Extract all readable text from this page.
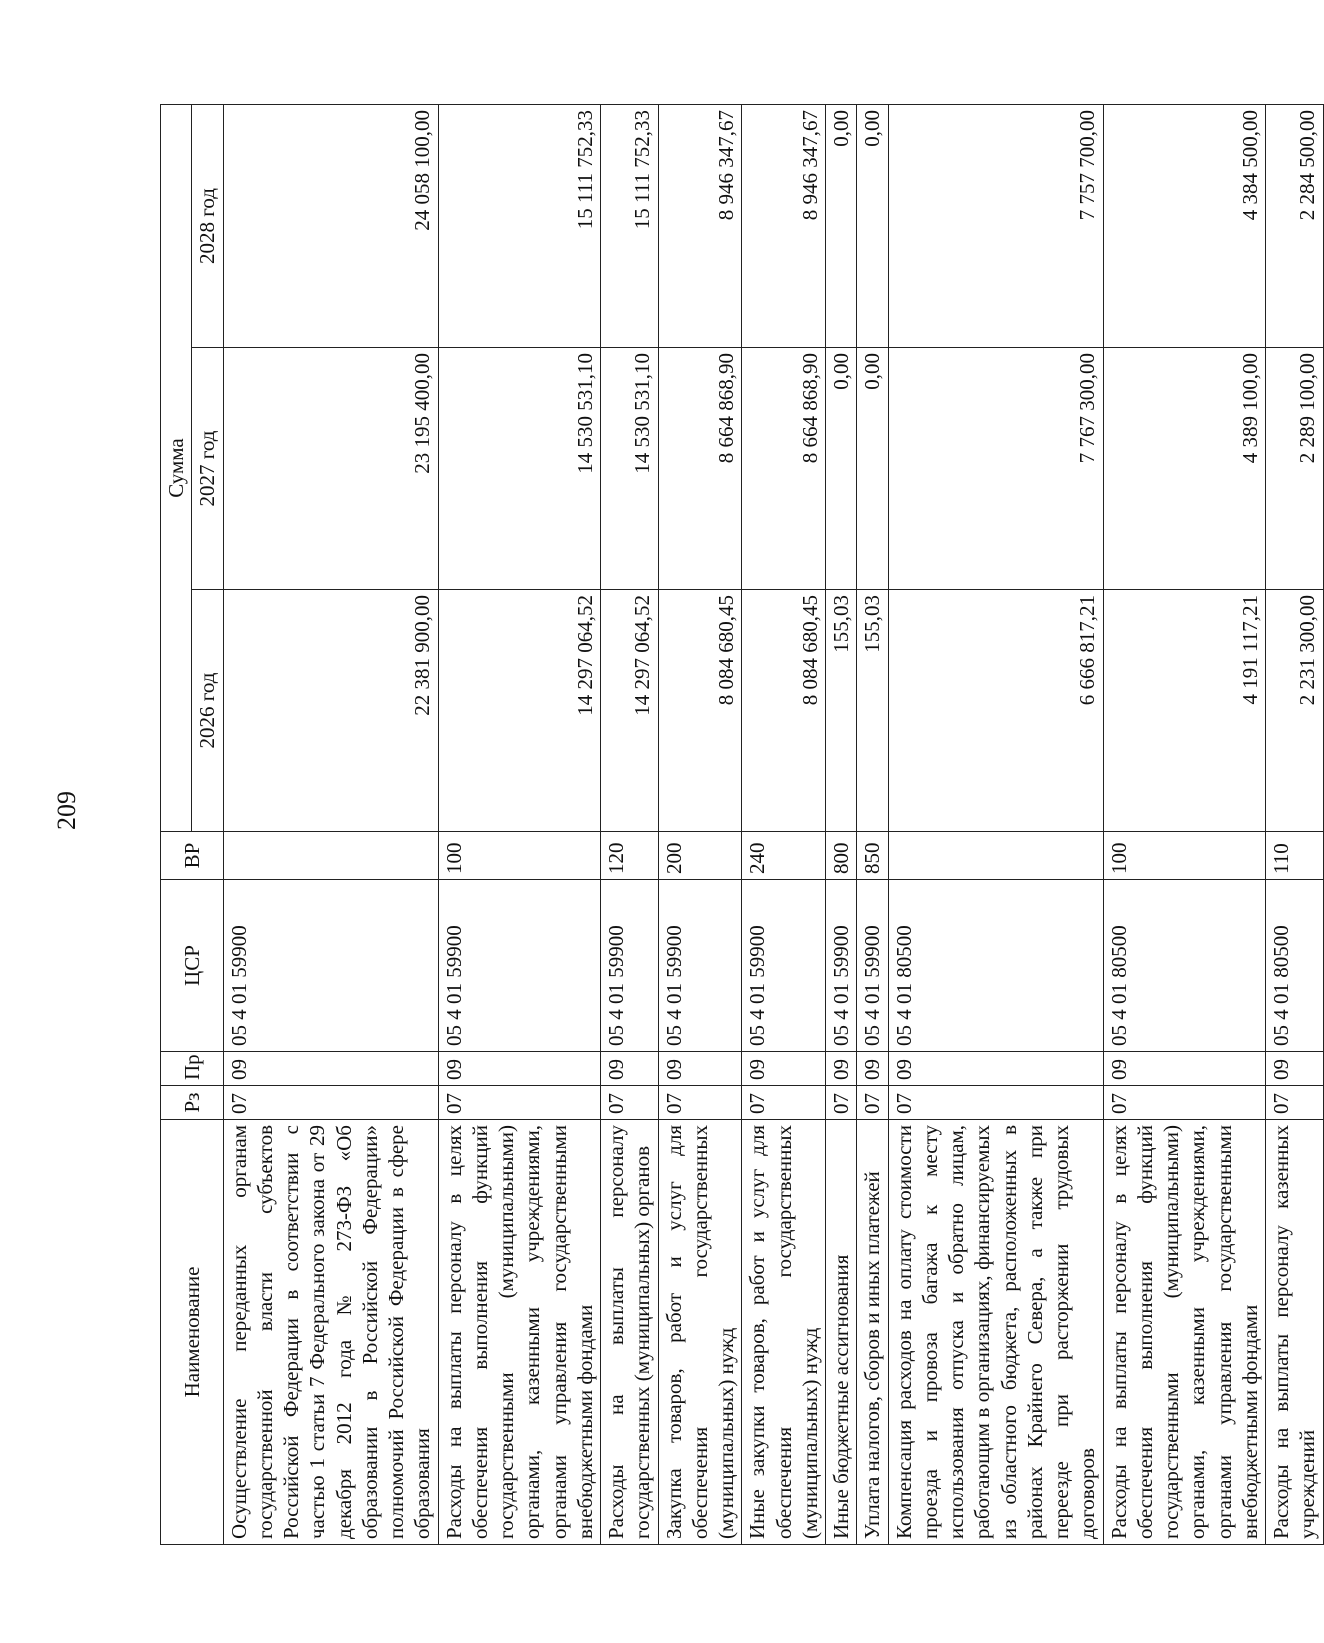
209
Наименование	Рз	Пр	ЦСР	ВР	Сумма		
					2026 год	2027 год	2028 год
Осуществление переданных органам государственной власти субъектов Российской Федерации в соответствии с частью 1 статьи 7 Федерального закона от 29 декабря 2012 года № 273-ФЗ «Об образовании в Российской Федерации» полномочий Российской Федерации в сфере образования	07	09	05 4 01 59900		22 381 900,00	23 195 400,00	24 058 100,00
Расходы на выплаты персоналу в целях обеспечения выполнения функций государственными (муниципальными) органами, казенными учреждениями, органами управления государственными внебюджетными фондами	07	09	05 4 01 59900	100	14 297 064,52	14 530 531,10	15 111 752,33
Расходы на выплаты персоналу государственных (муниципальных) органов	07	09	05 4 01 59900	120	14 297 064,52	14 530 531,10	15 111 752,33
Закупка товаров, работ и услуг для обеспечения государственных (муниципальных) нужд	07	09	05 4 01 59900	200	8 084 680,45	8 664 868,90	8 946 347,67
Иные закупки товаров, работ и услуг для обеспечения государственных (муниципальных) нужд	07	09	05 4 01 59900	240	8 084 680,45	8 664 868,90	8 946 347,67
Иные бюджетные ассигнования	07	09	05 4 01 59900	800	155,03	0,00	0,00
Уплата налогов, сборов и иных платежей	07	09	05 4 01 59900	850	155,03	0,00	0,00
Компенсация расходов на оплату стоимости проезда и провоза багажа к месту использования отпуска и обратно лицам, работающим в организациях, финансируемых из областного бюджета, расположенных в районах Крайнего Севера, а также при переезде при расторжении трудовых договоров	07	09	05 4 01 80500		6 666 817,21	7 767 300,00	7 757 700,00
Расходы на выплаты персоналу в целях обеспечения выполнения функций государственными (муниципальными) органами, казенными учреждениями, органами управления государственными внебюджетными фондами	07	09	05 4 01 80500	100	4 191 117,21	4 389 100,00	4 384 500,00
Расходы на выплаты персоналу казенных учреждений	07	09	05 4 01 80500	110	2 231 300,00	2 289 100,00	2 284 500,00
